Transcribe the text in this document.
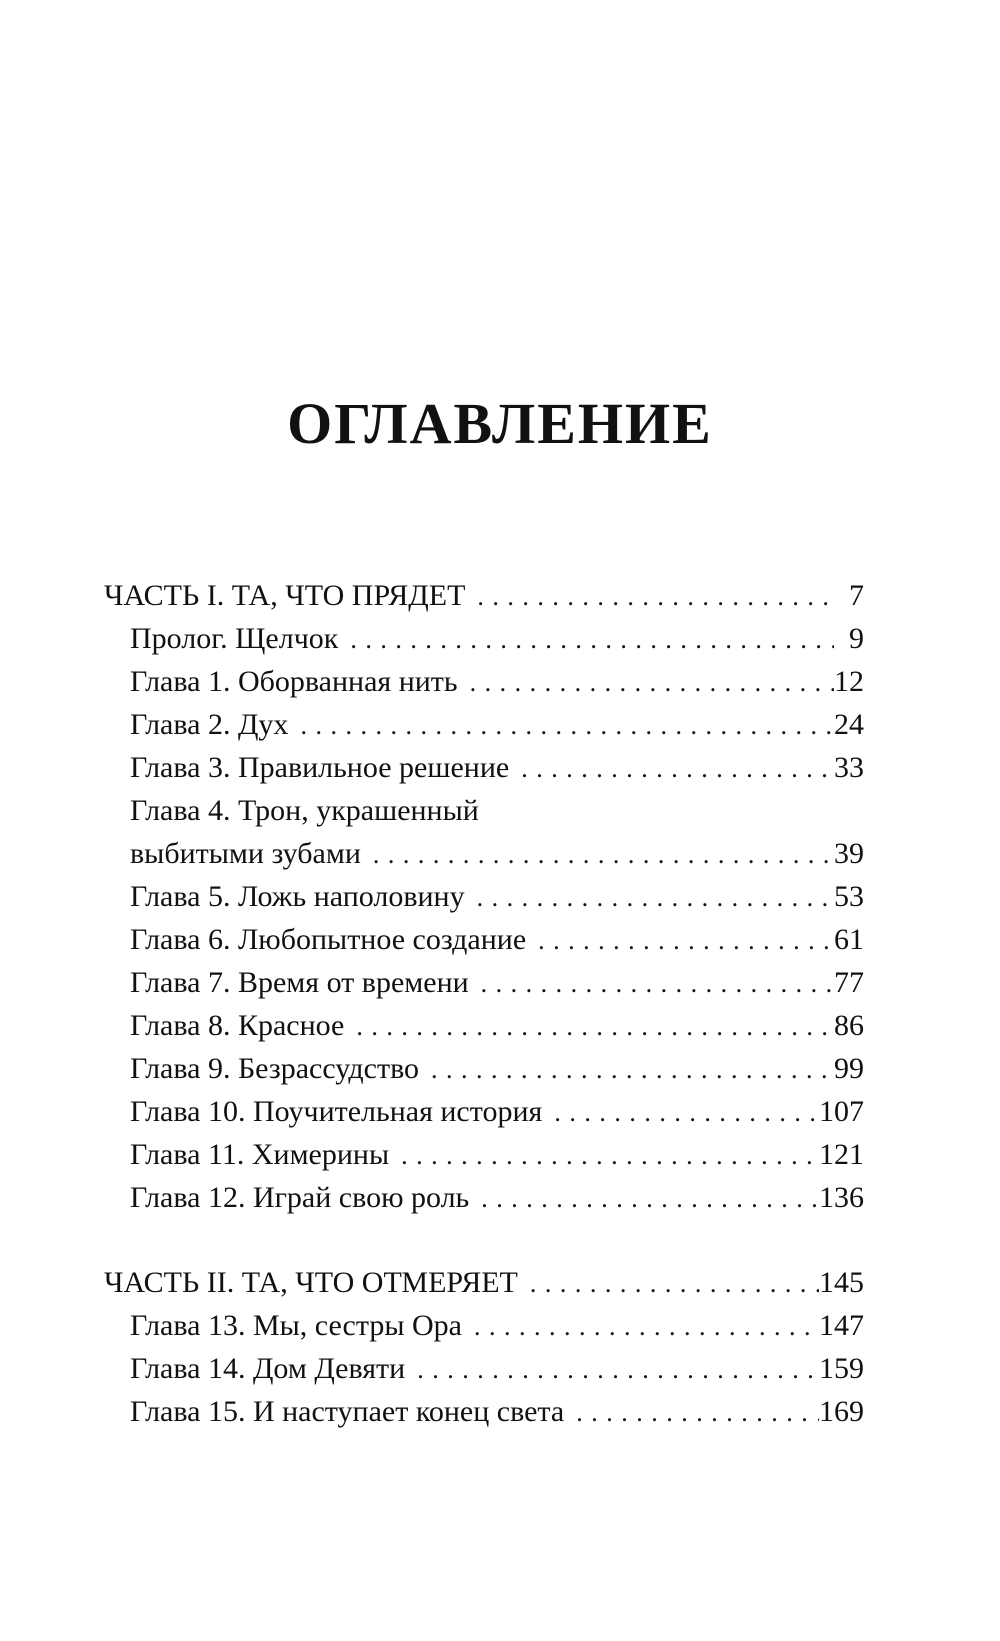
ОГЛАВЛЕНИЕ
ЧАСТЬ I. ТА, ЧТО ПРЯДЕТ . . .	7
Пролог. Щелчок . . .	9
Глава 1. Оборванная нить . . .	12
Глава 2. Дух . . .	24
Глава 3. Правильное решение . . .	33
Глава 4. Трон, украшенный
выбитыми зубами . . .	39
Глава 5. Ложь наполовину . . .	53
Глава 6. Любопытное создание . . .	61
Глава 7. Время от времени . . .	77
Глава 8. Красное . . .	86
Глава 9. Безрассудство . . .	99
Глава 10. Поучительная история . . .	107
Глава 11. Химерины . . .	121
Глава 12. Играй свою роль . . .	136
ЧАСТЬ II. ТА, ЧТО ОТМЕРЯЕТ . . .	145
Глава 13. Мы, сестры Ора . . .	147
Глава 14. Дом Девяти . . .	159
Глава 15. И наступает конец света . . .	169
